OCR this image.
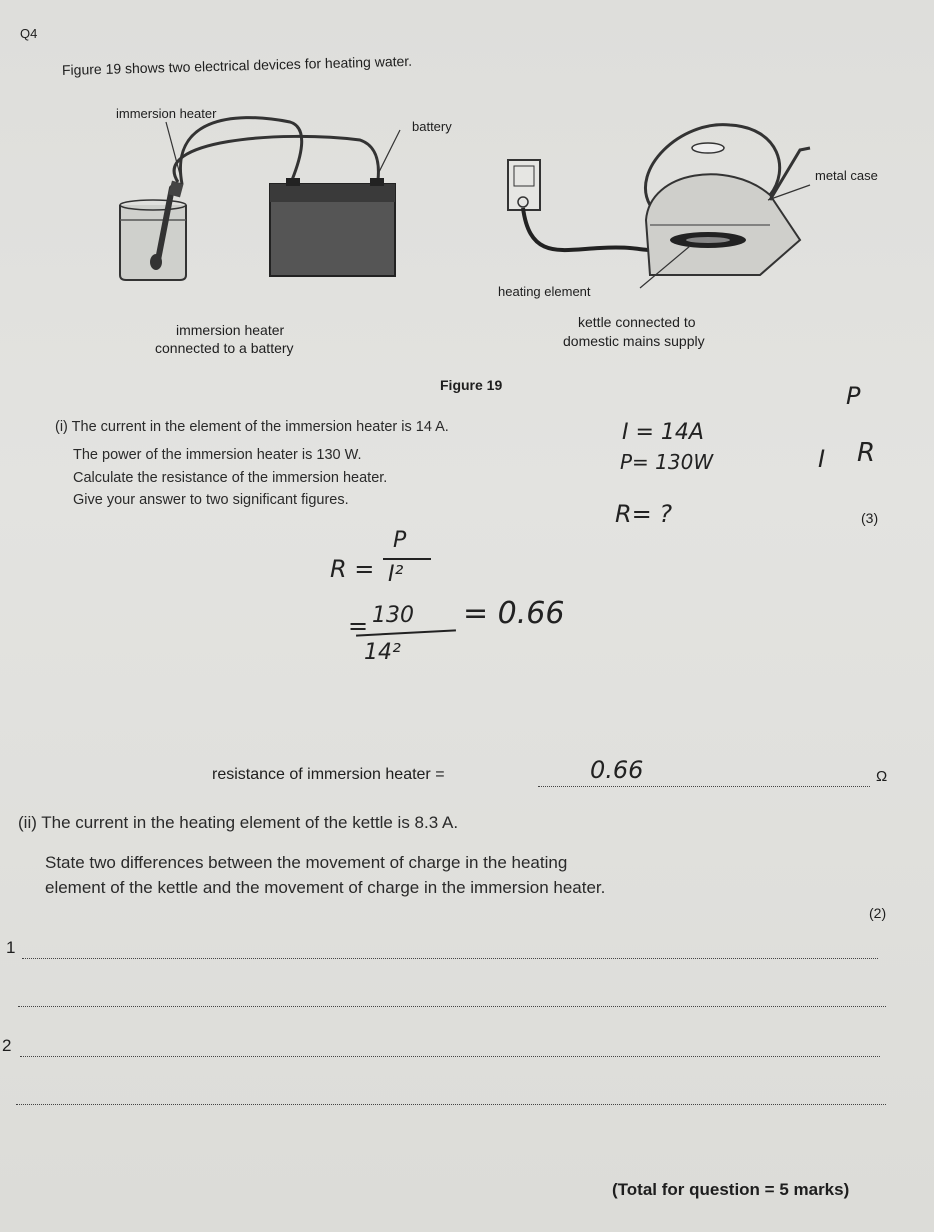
Q4
Figure 19 shows two electrical devices for heating water.
immersion heater
battery
metal case
heating element
immersion heater
connected to a battery
kettle connected to
domestic mains supply
Figure 19
(i) The current in the element of the immersion heater is 14 A.
The power of the immersion heater is 130 W.
Calculate the resistance of the immersion heater.
Give your answer to two significant figures.
(3)
I = 14A
P= 130W
R= ?
I R
P
R =
P
I²
= 130
14²
= 0.66
resistance of immersion heater =	0.66	Ω
(ii) The current in the heating element of the kettle is 8.3 A.
State two differences between the movement of charge in the heating
element of the kettle and the movement of charge in the immersion heater.
(2)
1
2
(Total for question = 5 marks)
